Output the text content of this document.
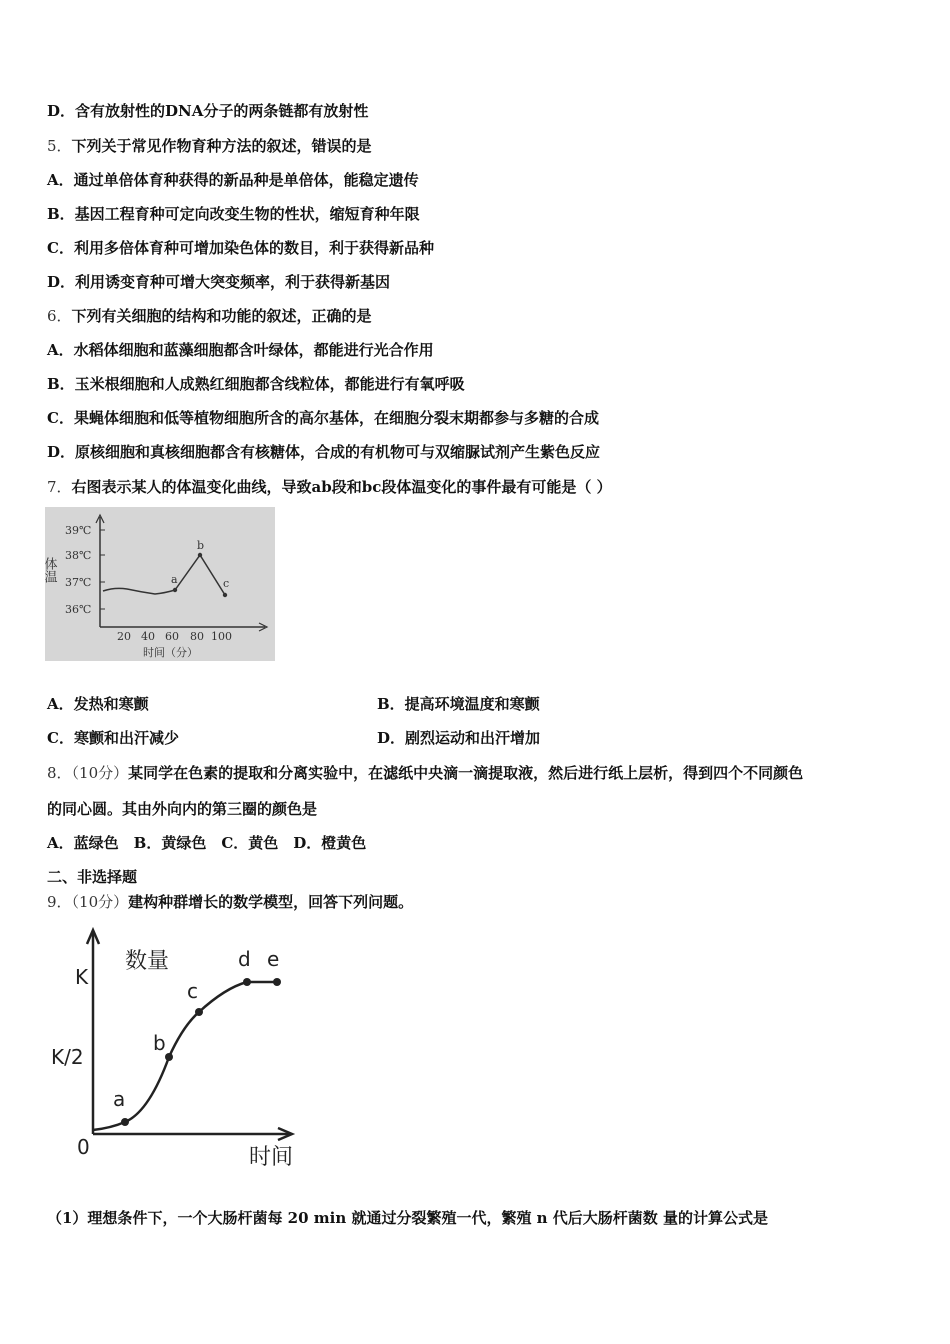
D．含有放射性的DNA分子的两条链都有放射性
5．下列关于常见作物育种方法的叙述，错误的是
A．通过单倍体育种获得的新品种是单倍体，能稳定遗传
B．基因工程育种可定向改变生物的性状，缩短育种年限
C．利用多倍体育种可增加染色体的数目，利于获得新品种
D．利用诱变育种可增大突变频率，利于获得新基因
6．下列有关细胞的结构和功能的叙述，正确的是
A．水稻体细胞和蓝藻细胞都含叶绿体，都能进行光合作用
B．玉米根细胞和人成熟红细胞都含线粒体，都能进行有氧呼吸
C．果蝇体细胞和低等植物细胞所含的高尔基体，在细胞分裂末期都参与多糖的合成
D．原核细胞和真核细胞都含有核糖体，合成的有机物可与双缩脲试剂产生紫色反应
7．右图表示某人的体温变化曲线，导致ab段和bc段体温变化的事件最有可能是（ ）
体温
39℃
38℃
37℃
36℃
20 40 60 80 100
时间（分）
a
b
c
A．发热和寒颤	B．提高环境温度和寒颤
C．寒颤和出汗减少	D．剧烈运动和出汗增加
8．（10分）某同学在色素的提取和分离实验中，在滤纸中央滴一滴提取液，然后进行纸上层析，得到四个不同颜色
的同心圆。其由外向内的第三圈的颜色是
A．蓝绿色　B．黄绿色　C．黄色　D．橙黄色
二、非选择题
9．（10分）建构种群增长的数学模型，回答下列问题。
数量
时间
K
K/2
0
a
b
c
d e
（1）理想条件下，一个大肠杆菌每 20 min 就通过分裂繁殖一代，繁殖 n 代后大肠杆菌数 量的计算公式是
